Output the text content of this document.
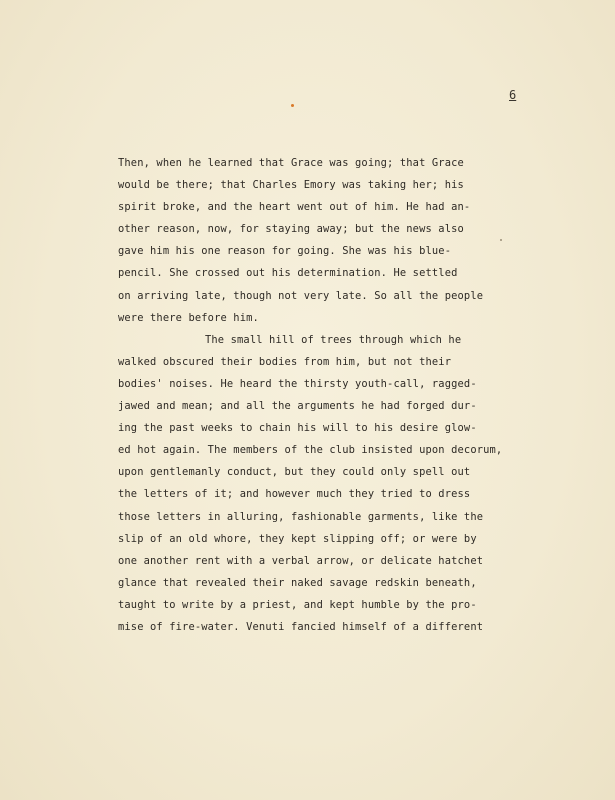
6
Then, when he learned that Grace was going; that Grace
would be there; that Charles Emory was taking her; his
spirit broke, and the heart went out of him. He had an-
other reason, now, for staying away; but the news also
gave him his one reason for going. She was his blue-
pencil. She crossed out his determination. He settled
on arriving late, though not very late. So all the people
were there before him.
The small hill of trees through which he
walked obscured their bodies from him, but not their
bodies' noises. He heard the thirsty youth-call, ragged-
jawed and mean; and all the arguments he had forged dur-
ing the past weeks to chain his will to his desire glow-
ed hot again. The members of the club insisted upon decorum,
upon gentlemanly conduct, but they could only spell out
the letters of it; and however much they tried to dress
those letters in alluring, fashionable garments, like the
slip of an old whore, they kept slipping off; or were by
one another rent with a verbal arrow, or delicate hatchet
glance that revealed their naked savage redskin beneath,
taught to write by a priest, and kept humble by the pro-
mise of fire-water. Venuti fancied himself of a different
